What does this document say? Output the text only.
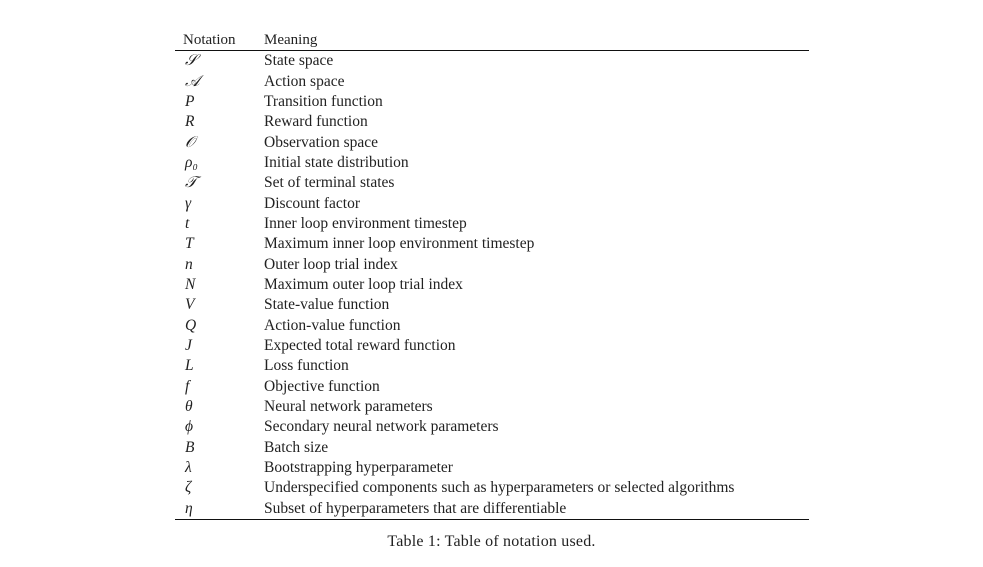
Notation	Meaning
𝒮	State space
𝒜	Action space
P	Transition function
R	Reward function
𝒪	Observation space
ρ₀	Initial state distribution
𝒯	Set of terminal states
γ	Discount factor
t	Inner loop environment timestep
T	Maximum inner loop environment timestep
n	Outer loop trial index
N	Maximum outer loop trial index
V	State-value function
Q	Action-value function
J	Expected total reward function
L	Loss function
f	Objective function
θ	Neural network parameters
ϕ	Secondary neural network parameters
B	Batch size
λ	Bootstrapping hyperparameter
ζ	Underspecified components such as hyperparameters or selected algorithms
η	Subset of hyperparameters that are differentiable
Table 1: Table of notation used.
